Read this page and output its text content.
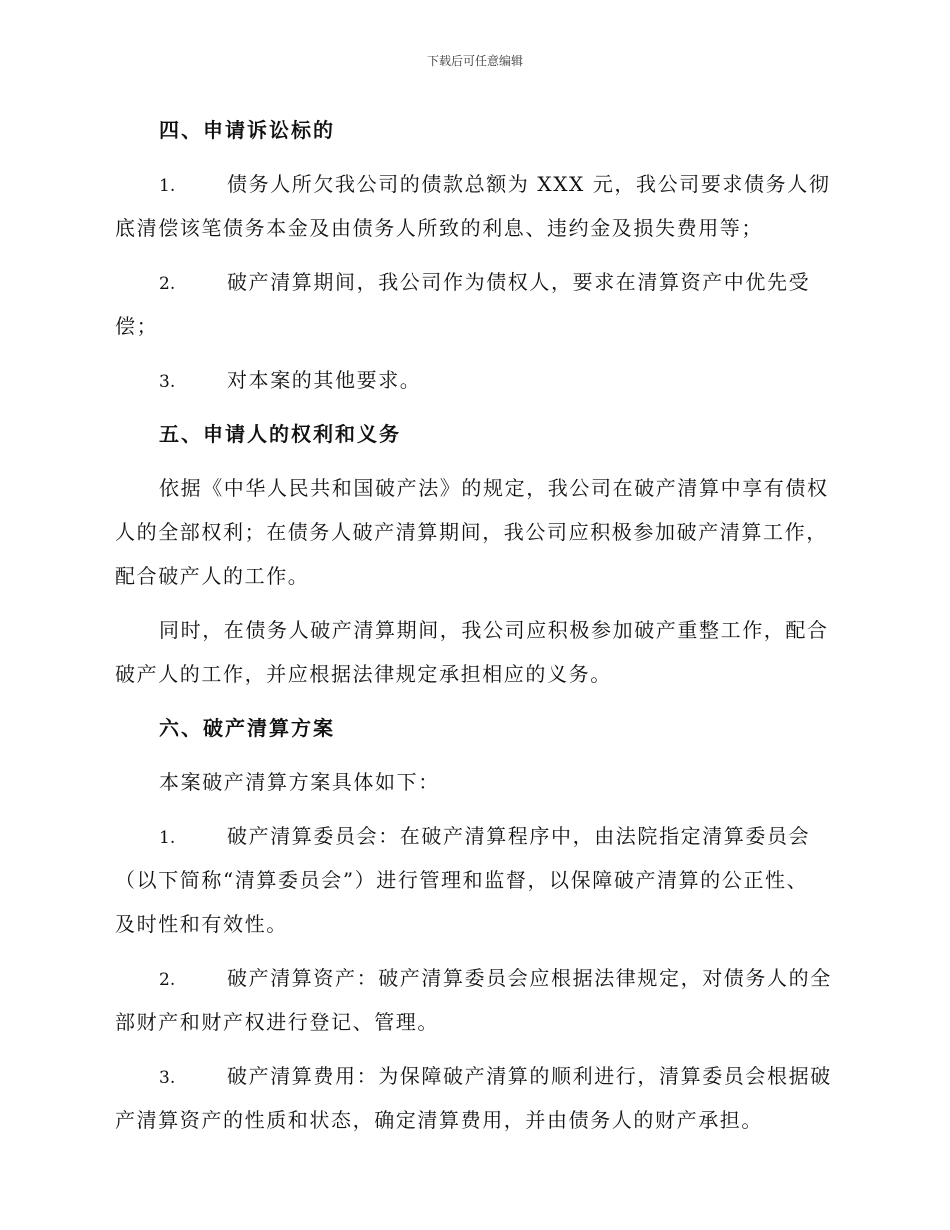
下载后可任意编辑
四、申请诉讼标的
1.	债务人所欠我公司的债款总额为 XXX 元，我公司要求债务人彻
底清偿该笔债务本金及由债务人所致的利息、违约金及损失费用等；
2.	破产清算期间，我公司作为债权人，要求在清算资产中优先受
偿；
3.	对本案的其他要求。
五、申请人的权利和义务
依据《中华人民共和国破产法》的规定，我公司在破产清算中享有债权
人的全部权利；在债务人破产清算期间，我公司应积极参加破产清算工作，
配合破产人的工作。
同时，在债务人破产清算期间，我公司应积极参加破产重整工作，配合
破产人的工作，并应根据法律规定承担相应的义务。
六、破产清算方案
本案破产清算方案具体如下：
1.	破产清算委员会：在破产清算程序中，由法院指定清算委员会
（以下简称“清算委员会”）进行管理和监督，以保障破产清算的公正性、
及时性和有效性。
2.	破产清算资产：破产清算委员会应根据法律规定，对债务人的全
部财产和财产权进行登记、管理。
3.	破产清算费用：为保障破产清算的顺利进行，清算委员会根据破
产清算资产的性质和状态，确定清算费用，并由债务人的财产承担。
